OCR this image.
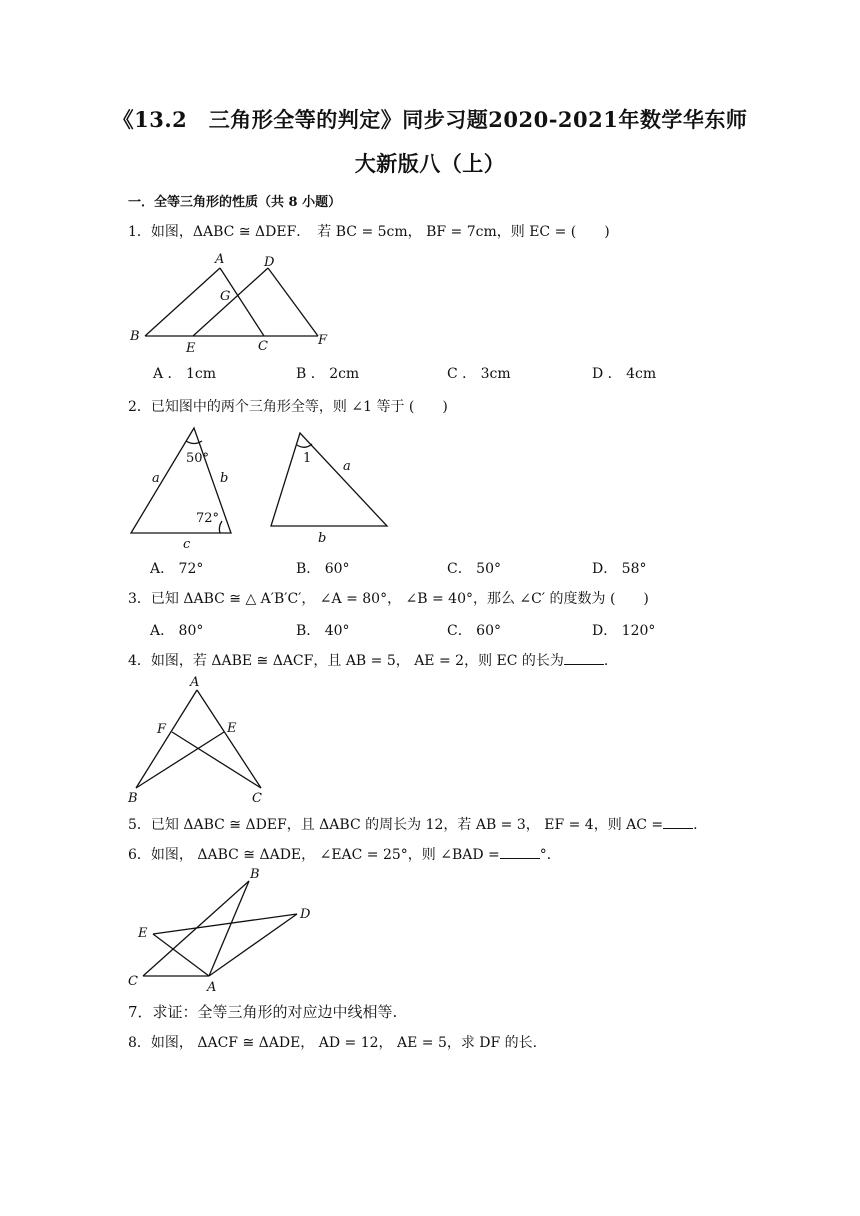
《13.2　三角形全等的判定》同步习题2020-2021年数学华东师
大新版八（上）
一．全等三角形的性质（共 8 小题）
1．如图，ΔABC ≅ ΔDEF．　若 BC = 5cm， BF = 7cm，则 EC = (　　)
A	D
G
B
E	C	F
A ． 1cm	B ． 2cm	C ． 3cm	D ． 4cm
2．已知图中的两个三角形全等，则 ∠1 等于 (　　)
50°
a	b
72°
c
1
a
b
A． 72°	B． 60°	C． 50°	D． 58°
3．已知 ΔABC ≅ △ A′B′C′， ∠A = 80°， ∠B = 40°，那么 ∠C′ 的度数为 (　　)
A． 80°	B． 40°	C． 60°	D． 120°
4．如图，若 ΔABE ≅ ΔACF，且 AB = 5， AE = 2，则 EC 的长为	.
A
F	E
B	C
5．已知 ΔABC ≅ ΔDEF，且 ΔABC 的周长为 12，若 AB = 3， EF = 4，则 AC = .
6．如图， ΔABC ≅ ΔADE， ∠EAC = 25°，则 ∠BAD =	°．
B
D
E
C	A
7．求证：全等三角形的对应边中线相等.
8．如图， ΔACF ≅ ΔADE， AD = 12， AE = 5，求 DF 的长.
